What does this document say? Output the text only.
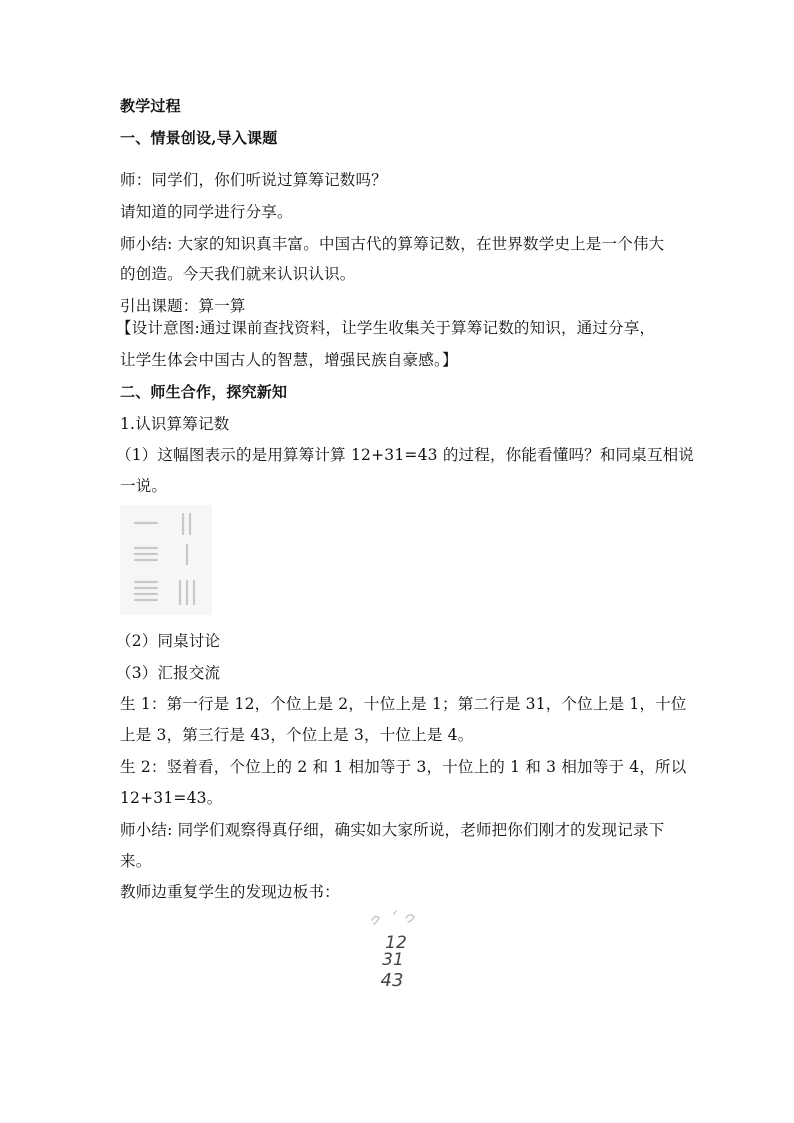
教学过程
一、情景创设,导入课题
师：同学们，你们听说过算筹记数吗？
请知道的同学进行分享。
师小结: 大家的知识真丰富。中国古代的算筹记数，在世界数学史上是一个伟大
的创造。今天我们就来认识认识。
引出课题：算一算
【设计意图:通过课前查找资料，让学生收集关于算筹记数的知识，通过分享，
让学生体会中国古人的智慧，增强民族自豪感。】
二、师生合作，探究新知
1.认识算筹记数
（1）这幅图表示的是用算筹计算 12+31=43 的过程，你能看懂吗？和同桌互相说
一说。
（2）同桌讨论
（3）汇报交流
生 1：第一行是 12，个位上是 2，十位上是 1；第二行是 31，个位上是 1，十位
上是 3，第三行是 43，个位上是 3，十位上是 4。
生 2：竖着看，个位上的 2 和 1 相加等于 3，十位上的 1 和 3 相加等于 4，所以
12+31=43。
师小结: 同学们观察得真仔细，确实如大家所说，老师把你们刚才的发现记录下
来。
教师边重复学生的发现边板书：
12
31
43
